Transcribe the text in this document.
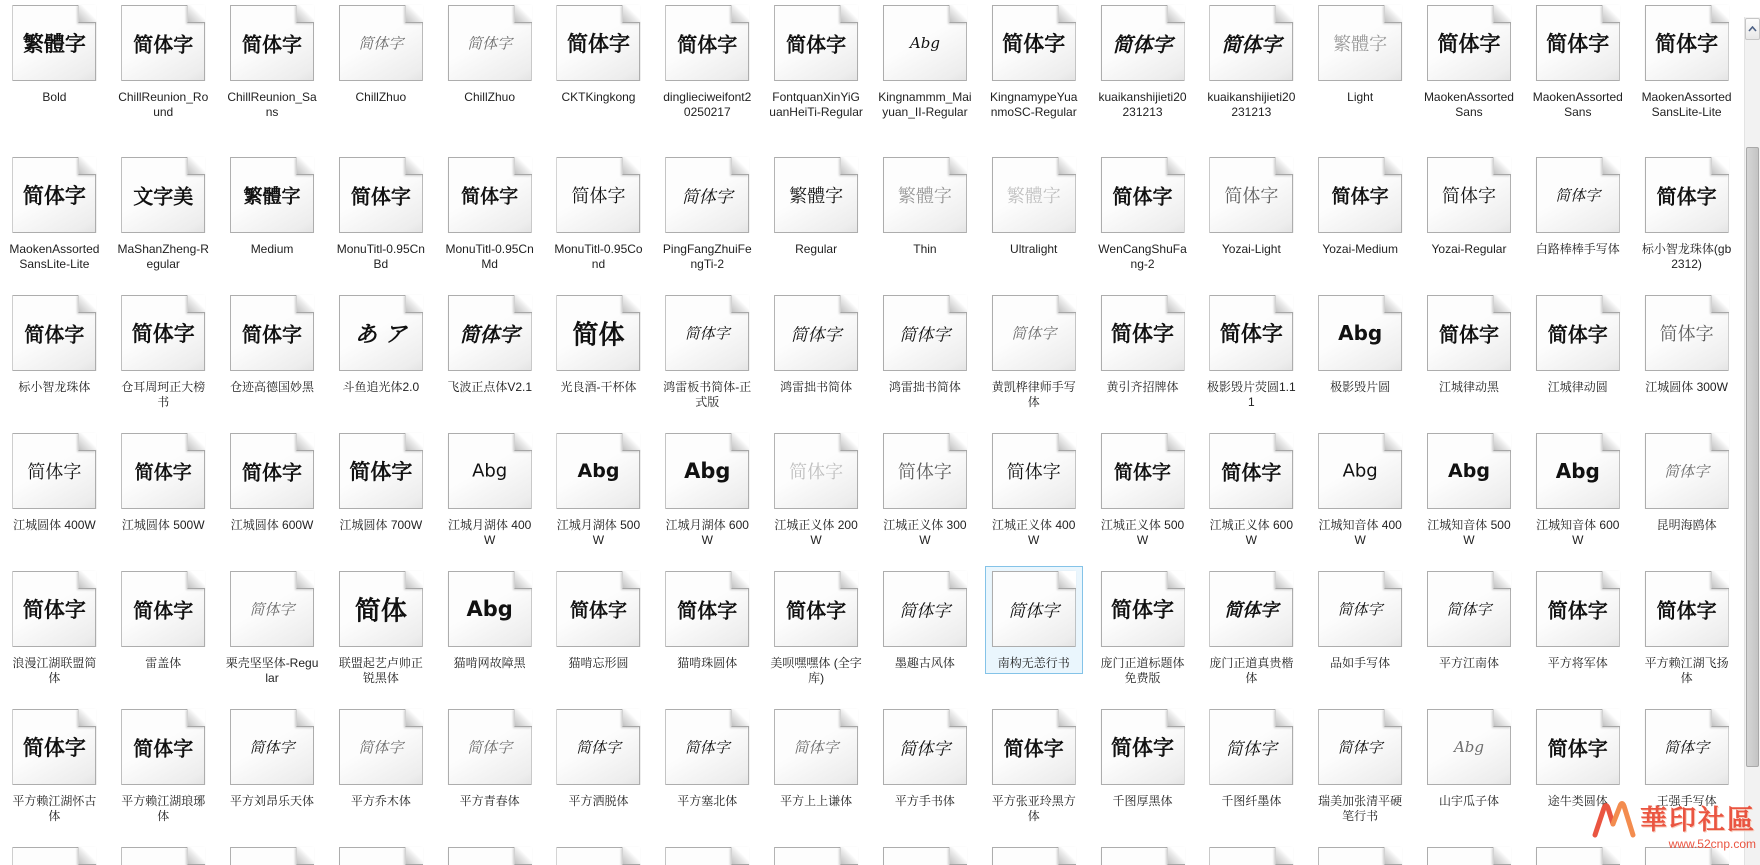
繁體字
Bold
简体字
ChillReunion_Round
简体字
ChillReunion_Sans
简体字
ChillZhuo
简体字
ChillZhuo
简体字
CKTKingkong
简体字
dinglieciweifont20250217
简体字
FontquanXinYiGuanHeiTi-Regular
Abg
Kingnammm_Maiyuan_II-Regular
简体字
KingnamypeYuanmoSC-Regular
简体字
kuaikanshijieti20231213
简体字
kuaikanshijieti20231213
繁體字
Light
简体字
MaokenAssortedSans
简体字
MaokenAssortedSans
简体字
MaokenAssortedSansLite-Lite
简体字
MaokenAssortedSansLite-Lite
文字美
MaShanZheng-Regular
繁體字
Medium
简体字
MonuTitl-0.95CnBd
简体字
MonuTitl-0.95CnMd
简体字
MonuTitl-0.95Cond
简体字
PingFangZhuiFengTi-2
繁體字
Regular
繁體字
Thin
繁體字
Ultralight
简体字
WenCangShuFang-2
简体字
Yozai-Light
简体字
Yozai-Medium
简体字
Yozai-Regular
简体字
白路棒棒手写体
简体字
标小智龙珠体(gb2312)
简体字
标小智龙珠体
简体字
仓耳周珂正大榜书
简体字
仓迹高德国妙黑
あ ア
斗鱼追光体2.0
简体字
飞波正点体V2.1
简体
光良酒-干杯体
简体字
鸿雷板书简体-正式版
简体字
鸿雷拙书简体
简体字
鸿雷拙书简体
简体字
黄凯桦律师手写体
简体字
黄引齐招牌体
简体字
极影毁片荧圆1.11
Abg
极影毁片圆
简体字
江城律动黑
简体字
江城律动圆
简体字
江城圆体 300W
简体字
江城圆体 400W
简体字
江城圆体 500W
简体字
江城圆体 600W
简体字
江城圆体 700W
Abg
江城月湖体 400W
Abg
江城月湖体 500W
Abg
江城月湖体 600W
简体字
江城正义体 200W
简体字
江城正义体 300W
简体字
江城正义体 400W
简体字
江城正义体 500W
简体字
江城正义体 600W
Abg
江城知音体 400W
Abg
江城知音体 500W
Abg
江城知音体 600W
简体字
昆明海鸥体
简体字
浪漫江湖联盟简体
简体字
雷盖体
简体字
栗壳坚坚体-Regular
简体
联盟起艺卢帅正锐黑体
Abg
猫啃网故障黑
简体字
猫啃忘形圆
简体字
猫啃珠圆体
简体字
美呗嘿嘿体 (全字库)
简体字
墨趣古风体
简体字
南构无恙行书
简体字
庞门正道标题体免费版
简体字
庞门正道真贵楷体
简体字
品如手写体
简体字
平方江南体
简体字
平方将军体
简体字
平方赖江湖飞扬体
简体字
平方赖江湖怀古体
简体字
平方赖江湖琅琊体
简体字
平方刘昂乐天体
简体字
平方乔木体
简体字
平方青春体
简体字
平方洒脱体
简体字
平方塞北体
简体字
平方上上谦体
简体字
平方手书体
简体字
平方张亚玲黑方体
简体字
千图厚黑体
简体字
千图纤墨体
简体字
瑞美加张清平硬笔行书
Abg
山宇瓜子体
简体字
途牛类圆体
简体字
王强手写体
華印社區
www.52cnp.com
